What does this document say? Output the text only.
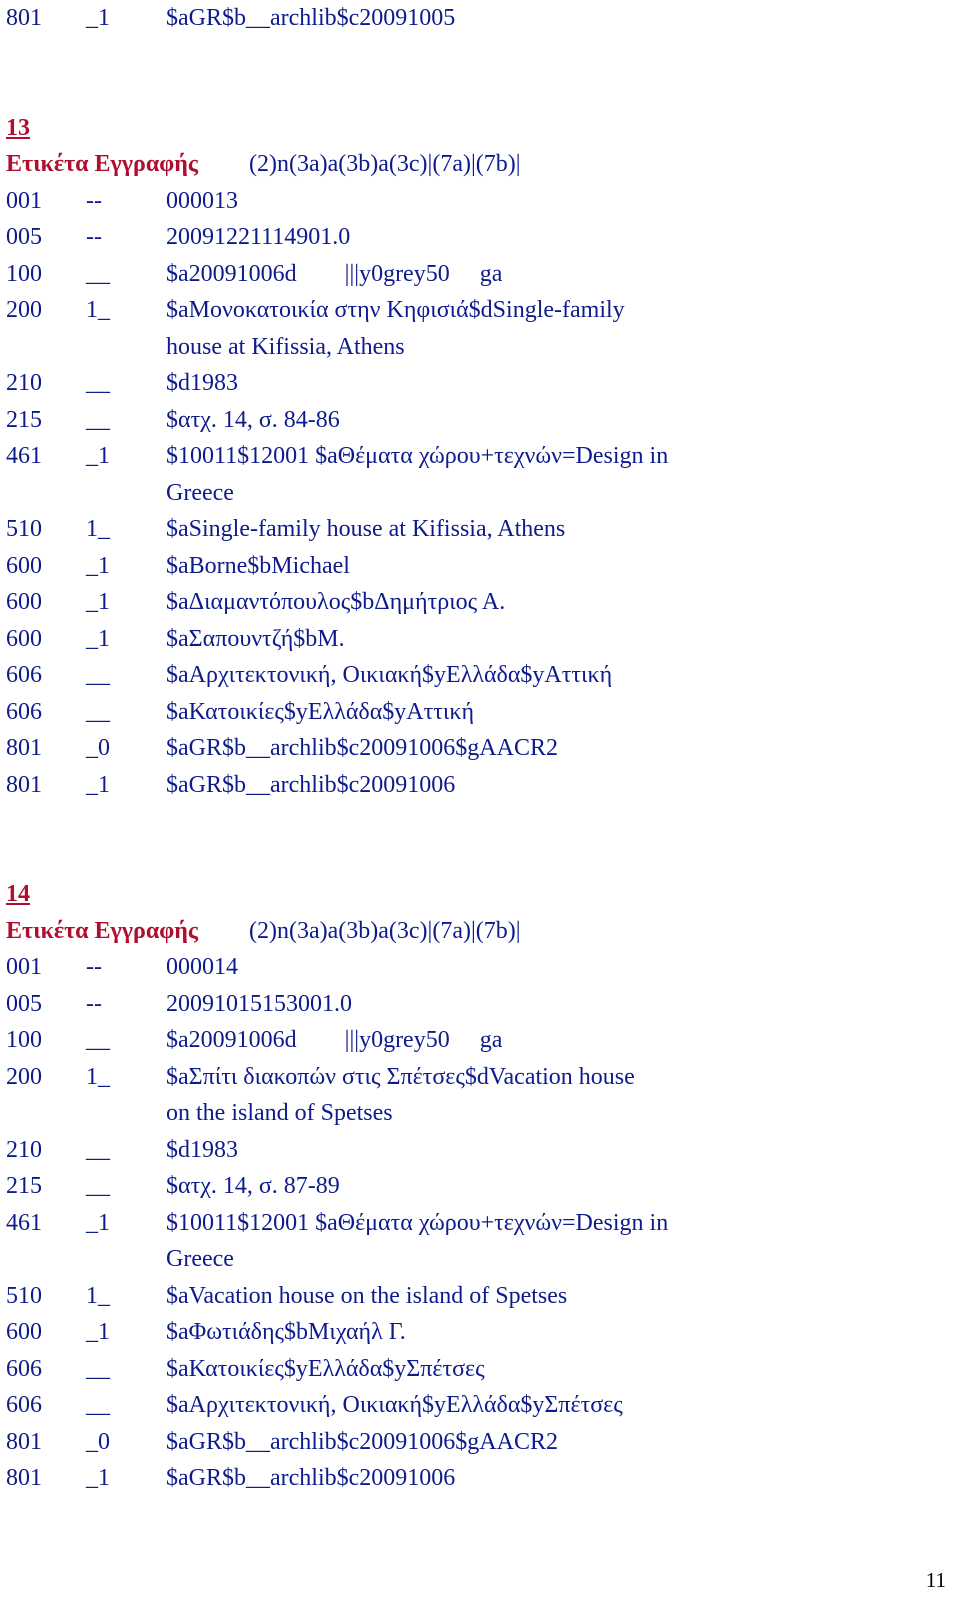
801	_1	$aGR$b__archlib$c20091005
13
Ετικέτα Εγγραφής	(2)n(3a)a(3b)a(3c)|(7a)|(7b)|
001	--	000013
005	--	20091221114901.0
100	__	$a20091006d        |||y0grey50     ga
200	1_	$aΜονοκατοικία στην Κηφισιά$dSingle-family
house at Kifissia, Athens
210	__	$d1983
215	__	$ατχ. 14, σ. 84-86
461	_1	$10011$12001 $aΘέματα χώρου+τεχνών=Design in
Greece
510	1_	$aSingle-family house at Kifissia, Athens
600	_1	$aBorne$bMichael
600	_1	$aΔιαμαντόπουλος$bΔημήτριος Α.
600	_1	$aΣαπουντζή$bΜ.
606	__	$aΑρχιτεκτονική, Οικιακή$yΕλλάδα$yΑττική
606	__	$aΚατοικίες$yΕλλάδα$yΑττική
801	_0	$aGR$b__archlib$c20091006$gAACR2
801	_1	$aGR$b__archlib$c20091006
14
Ετικέτα Εγγραφής	(2)n(3a)a(3b)a(3c)|(7a)|(7b)|
001	--	000014
005	--	20091015153001.0
100	__	$a20091006d        |||y0grey50     ga
200	1_	$aΣπίτι διακοπών στις Σπέτσες$dVacation house
on the island of Spetses
210	__	$d1983
215	__	$ατχ. 14, σ. 87-89
461	_1	$10011$12001 $aΘέματα χώρου+τεχνών=Design in
Greece
510	1_	$aVacation house on the island of Spetses
600	_1	$aΦωτιάδης$bΜιχαήλ Γ.
606	__	$aΚατοικίες$yΕλλάδα$yΣπέτσες
606	__	$aΑρχιτεκτονική, Οικιακή$yΕλλάδα$yΣπέτσες
801	_0	$aGR$b__archlib$c20091006$gAACR2
801	_1	$aGR$b__archlib$c20091006
11
